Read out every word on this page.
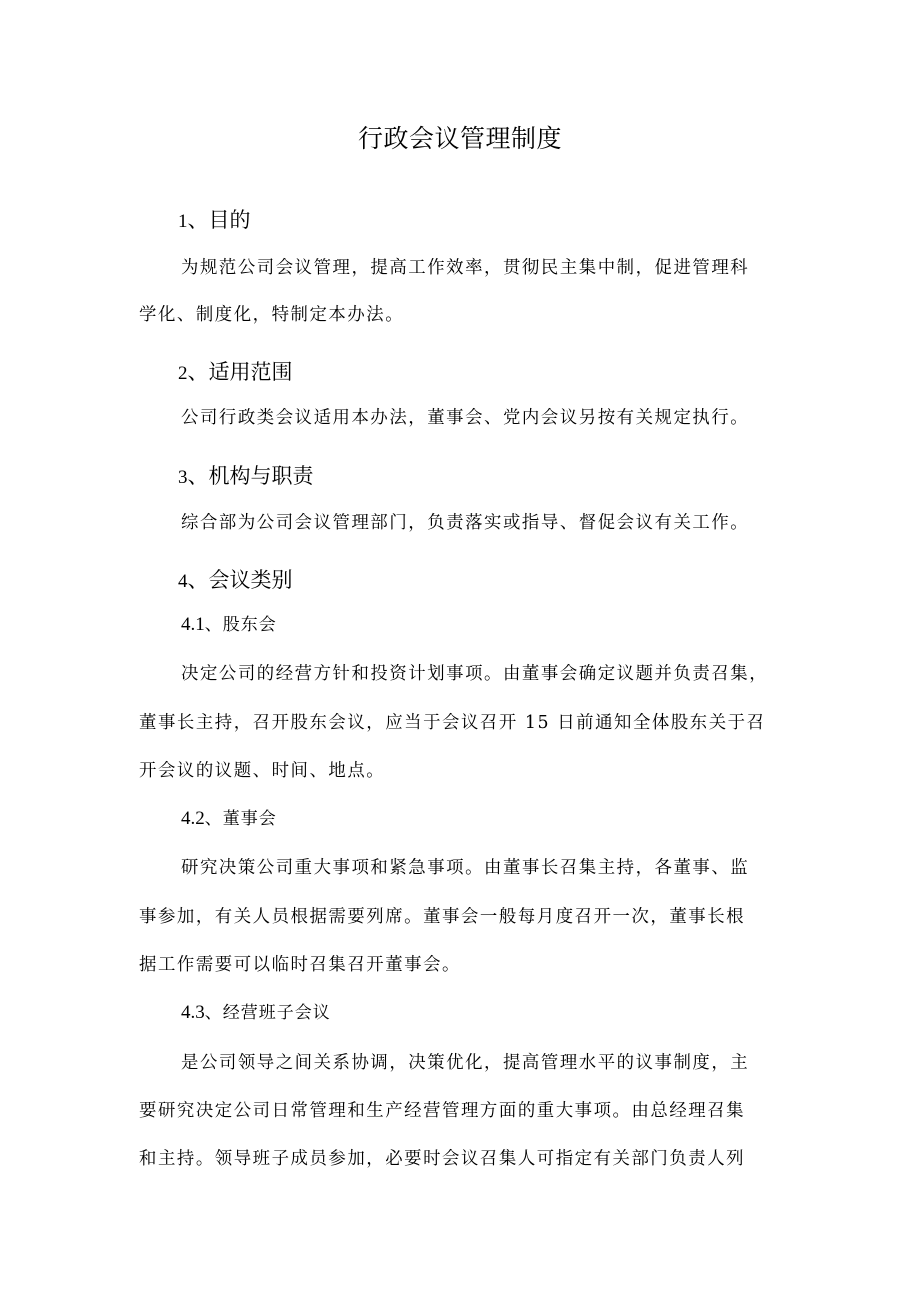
行政会议管理制度
1、目的
为规范公司会议管理，提高工作效率，贯彻民主集中制，促进管理科
学化、制度化，特制定本办法。
2、适用范围
公司行政类会议适用本办法，董事会、党内会议另按有关规定执行。
3、机构与职责
综合部为公司会议管理部门，负责落实或指导、督促会议有关工作。
4、会议类别
4.1、股东会
决定公司的经营方针和投资计划事项。由董事会确定议题并负责召集，
董事长主持，召开股东会议，应当于会议召开 15 日前通知全体股东关于召
开会议的议题、时间、地点。
4.2、董事会
研究决策公司重大事项和紧急事项。由董事长召集主持，各董事、监
事参加，有关人员根据需要列席。董事会一般每月度召开一次，董事长根
据工作需要可以临时召集召开董事会。
4.3、经营班子会议
是公司领导之间关系协调，决策优化，提高管理水平的议事制度，主
要研究决定公司日常管理和生产经营管理方面的重大事项。由总经理召集
和主持。领导班子成员参加，必要时会议召集人可指定有关部门负责人列
